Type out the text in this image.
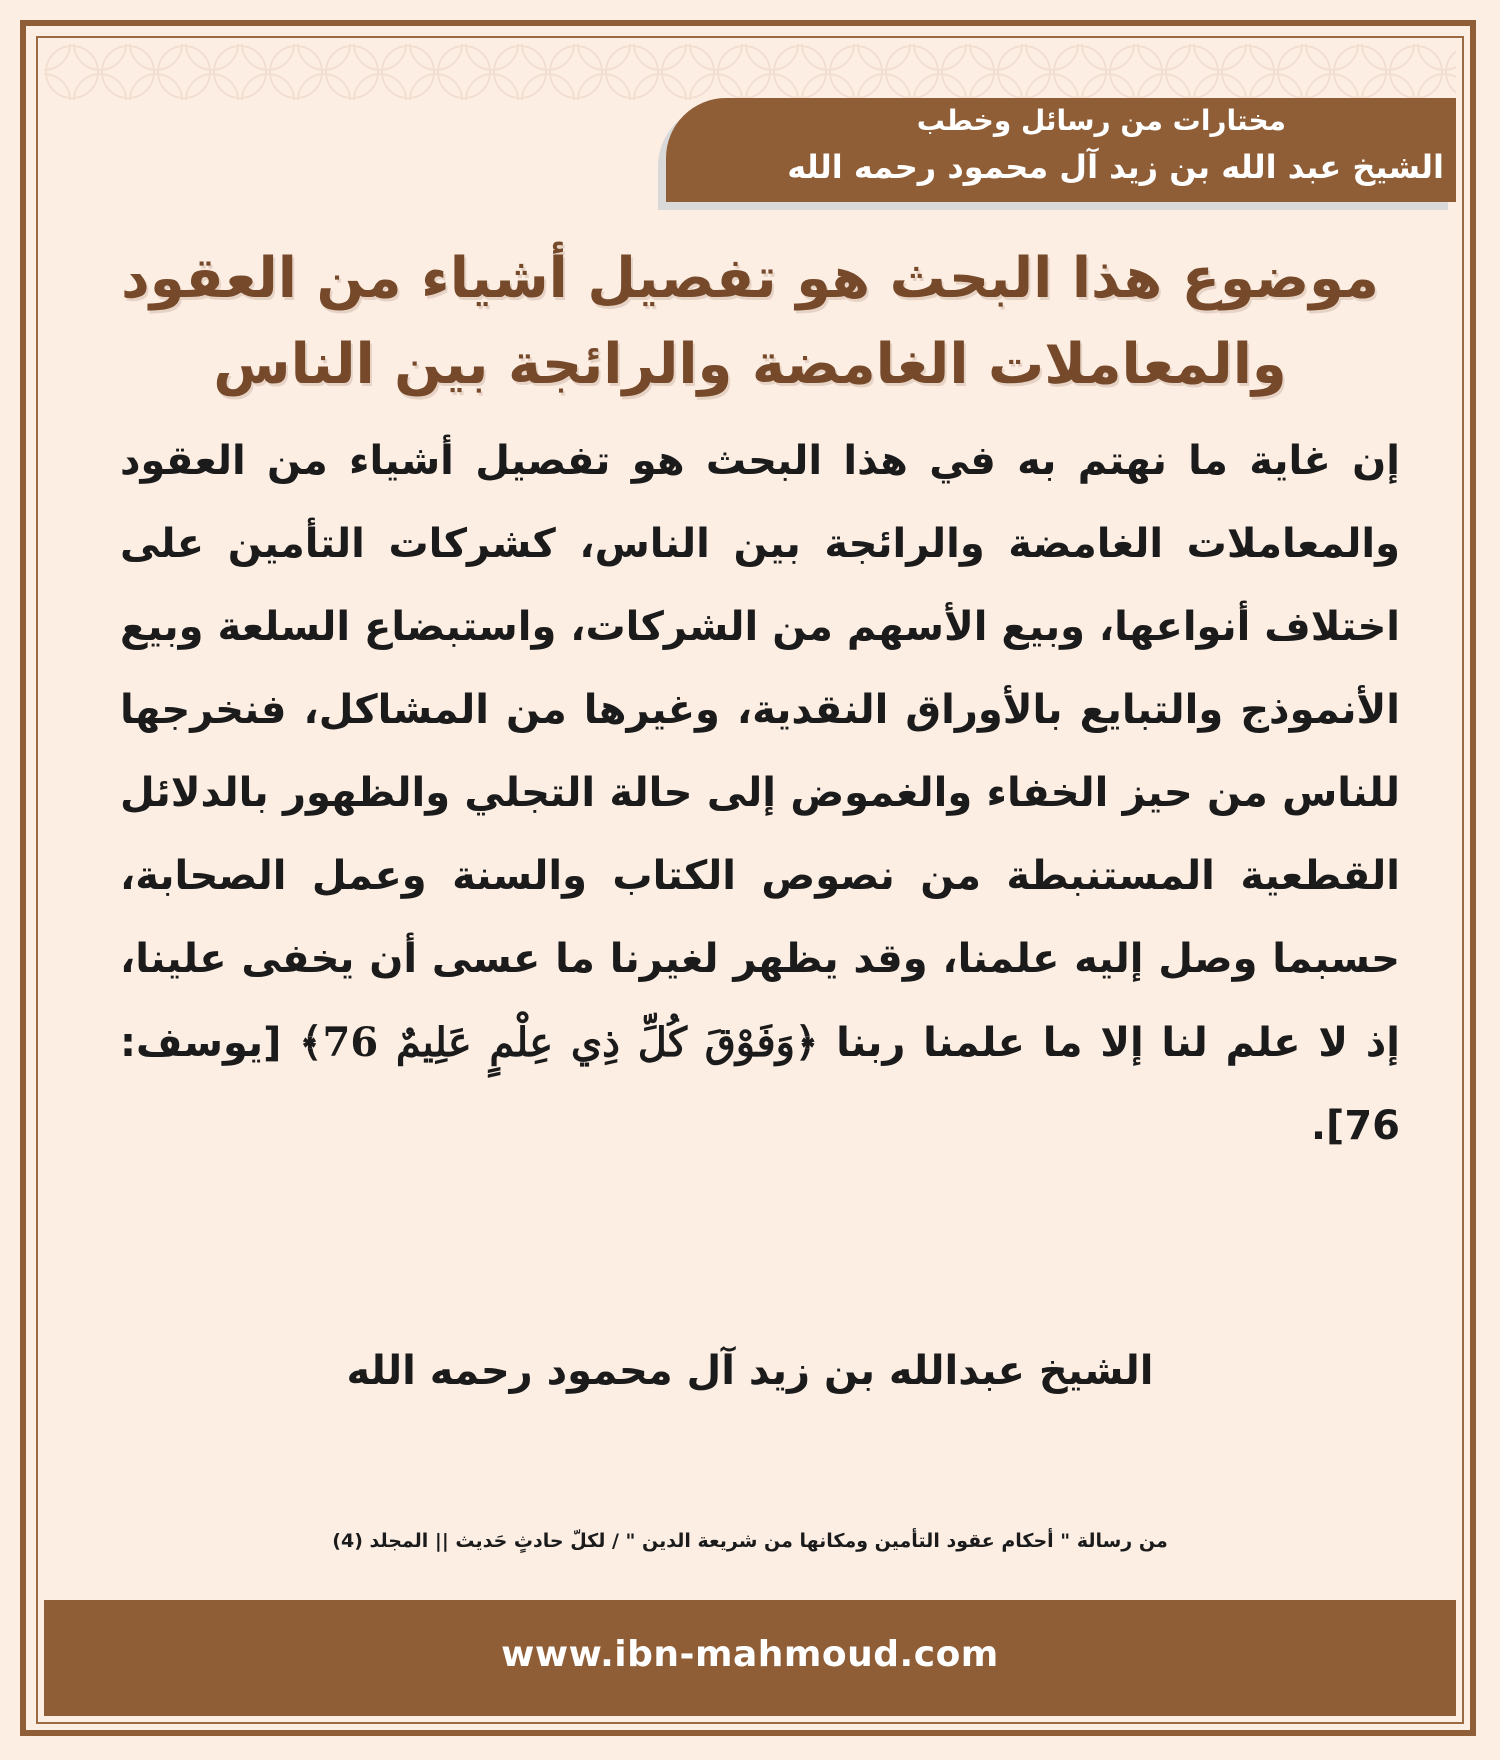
مختارات من رسائل وخطب
الشيخ عبد الله بن زيد آل محمود رحمه الله
موضوع هذا البحث هو تفصيل أشياء من العقود والمعاملات الغامضة والرائجة بين الناس
إن غاية ما نهتم به في هذا البحث هو تفصيل أشياء من العقود والمعاملات الغامضة والرائجة بين الناس، كشركات التأمين على اختلاف أنواعها، وبيع الأسهم من الشركات، واستبضاع السلعة وبيع الأنموذج والتبايع بالأوراق النقدية، وغيرها من المشاكل، فنخرجها للناس من حيز الخفاء والغموض إلى حالة التجلي والظهور بالدلائل القطعية المستنبطة من نصوص الكتاب والسنة وعمل الصحابة، حسبما وصل إليه علمنا، وقد يظهر لغيرنا ما عسى أن يخفى علينا، إذ لا علم لنا إلا ما علمنا ربنا ﴿وَفَوْقَ كُلِّ ذِي عِلْمٍ عَلِيمٌ 76﴾ [يوسف: 76].
الشيخ عبدالله بن زيد آل محمود رحمه الله
من رسالة " أحكام عقود التأمين ومكانها من شريعة الدين " / لكلّ حادثٍ حَديث || المجلد (4)
www.ibn-mahmoud.com
